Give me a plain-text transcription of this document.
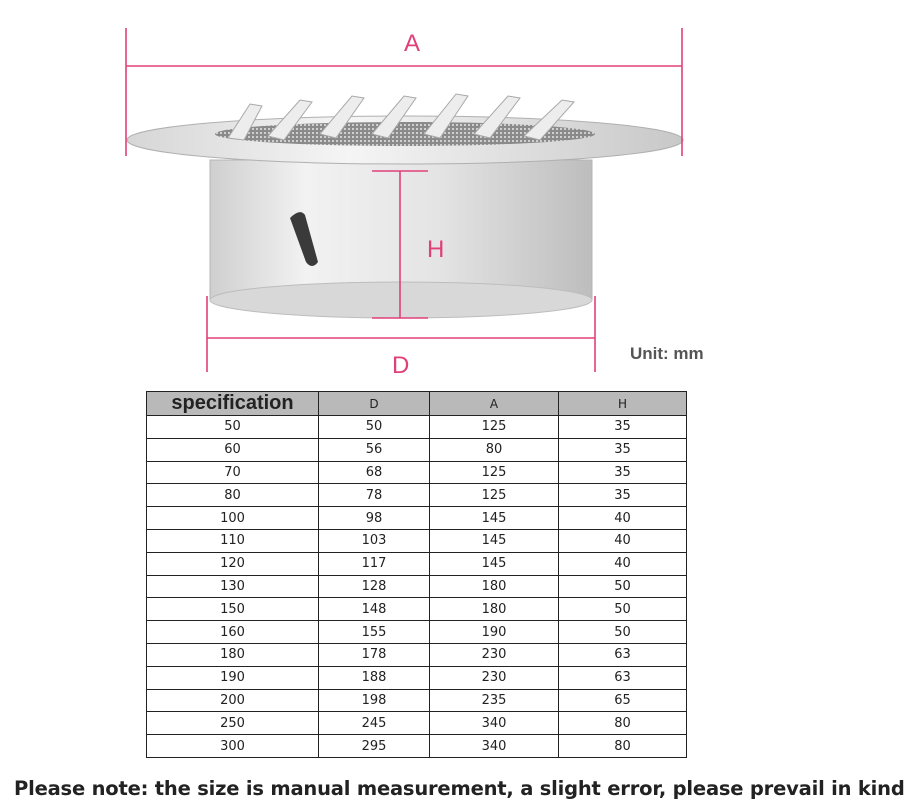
A
H
D	Unit: mm
specification	D	A	H
50	50	125	35
60	56	80	35
70	68	125	35
80	78	125	35
100	98	145	40
110	103	145	40
120	117	145	40
130	128	180	50
150	148	180	50
160	155	190	50
180	178	230	63
190	188	230	63
200	198	235	65
250	245	340	80
300	295	340	80
Please note: the size is manual measurement, a slight error, please prevail in kind
